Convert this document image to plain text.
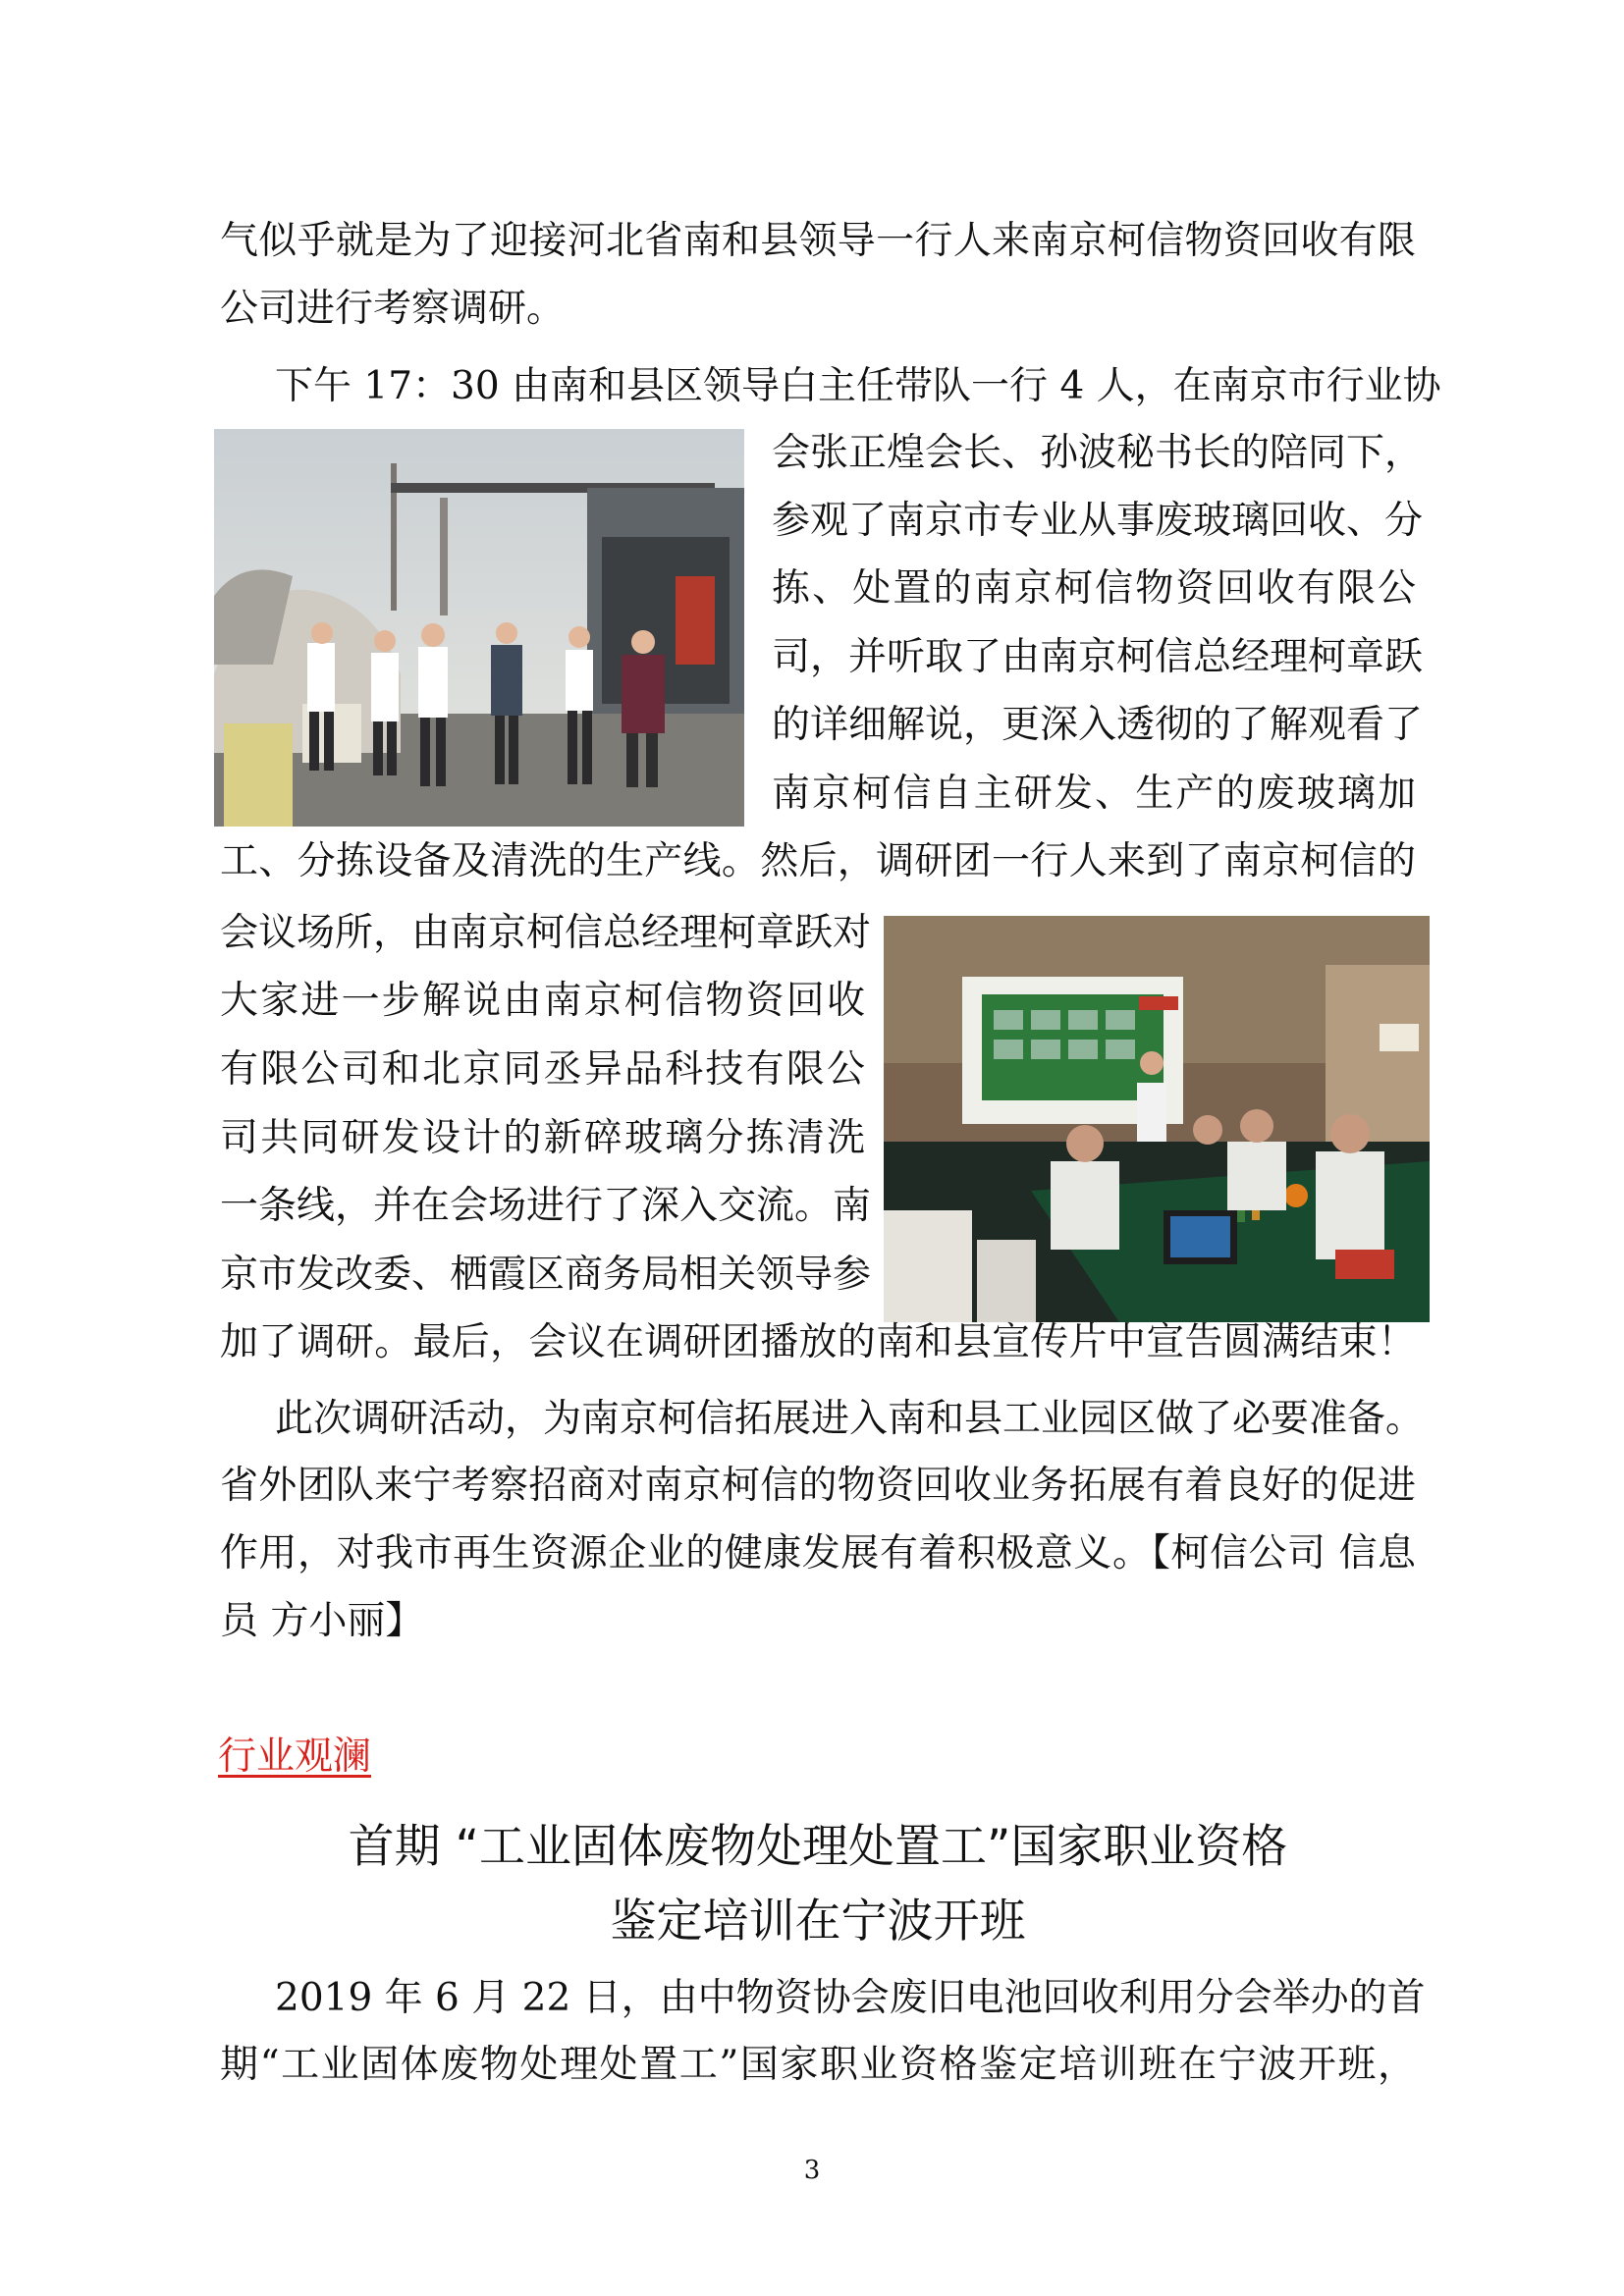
气似乎就是为了迎接河北省南和县领导一行人来南京柯信物资回收有限
公司进行考察调研。
下午 17：30 由南和县区领导白主任带队一行 4 人，在南京市行业协
会张正煌会长、孙波秘书长的陪同下，
参观了南京市专业从事废玻璃回收、分
拣、处置的南京柯信物资回收有限公
司，并听取了由南京柯信总经理柯章跃
的详细解说，更深入透彻的了解观看了
南京柯信自主研发、生产的废玻璃加
工、分拣设备及清洗的生产线。然后，调研团一行人来到了南京柯信的
会议场所，由南京柯信总经理柯章跃对
大家进一步解说由南京柯信物资回收
有限公司和北京同丞异品科技有限公
司共同研发设计的新碎玻璃分拣清洗
一条线，并在会场进行了深入交流。南
京市发改委、栖霞区商务局相关领导参
加了调研。最后，会议在调研团播放的南和县宣传片中宣告圆满结束！
此次调研活动，为南京柯信拓展进入南和县工业园区做了必要准备。
省外团队来宁考察招商对南京柯信的物资回收业务拓展有着良好的促进
作用，对我市再生资源企业的健康发展有着积极意义。【柯信公司 信息
员 方小丽】
行业观澜
首期 “工业固体废物处理处置工”国家职业资格
鉴定培训在宁波开班
2019 年 6 月 22 日，由中物资协会废旧电池回收利用分会举办的首
期“工业固体废物处理处置工”国家职业资格鉴定培训班在宁波开班，
3
